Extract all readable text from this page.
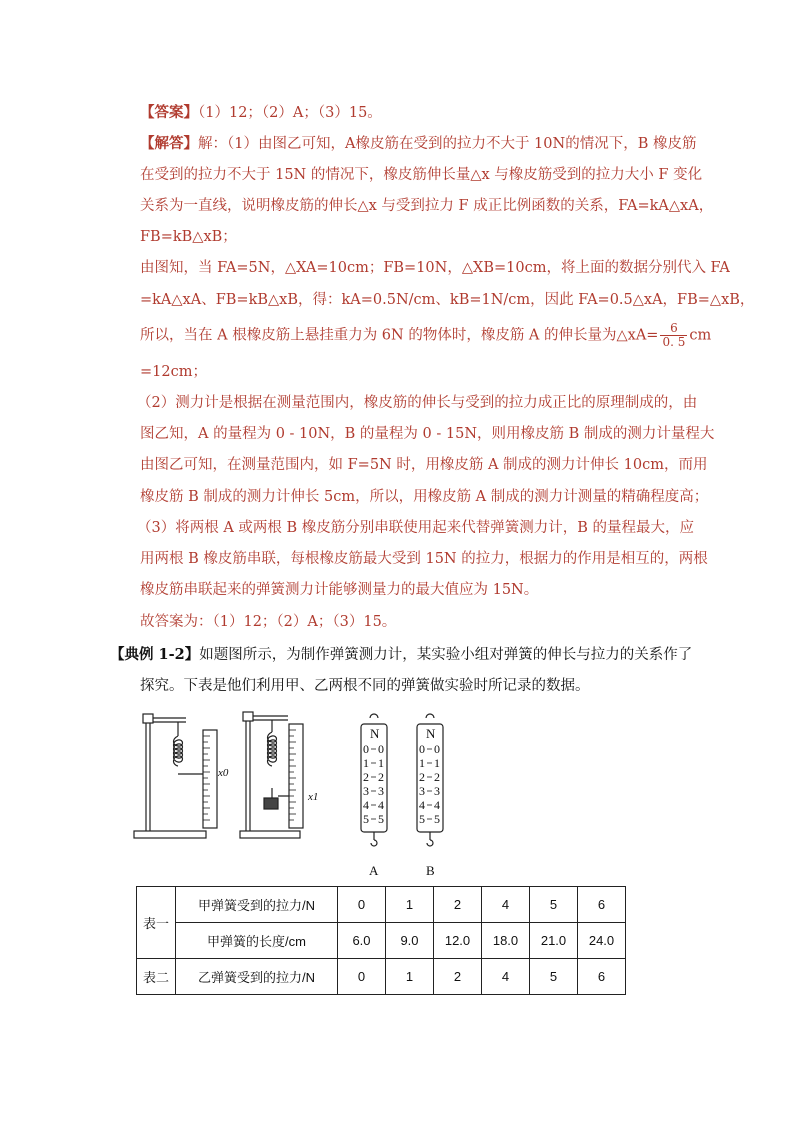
【答案】（1）12；（2）A；（3）15。
【解答】解：（1）由图乙可知，A橡皮筋在受到的拉力不大于 10N的情况下，B 橡皮筋
在受到的拉力不大于 15N 的情况下，橡皮筋伸长量△x 与橡皮筋受到的拉力大小 F 变化
关系为一直线，说明橡皮筋的伸长△x 与受到拉力 F 成正比例函数的关系，FA=kA△xA，
FB=kB△xB；
由图知，当 FA=5N，△XA=10cm；FB=10N，△XB=10cm，将上面的数据分别代入 FA
=kA△xA、FB=kB△xB，得：kA=0.5N/cm、kB=1N/cm，因此 FA=0.5△xA，FB=△xB，
所以，当在 A 根橡皮筋上悬挂重力为 6N 的物体时，橡皮筋 A 的伸长量为△xA= $\frac{6}{0. 5}$ cm
=12cm；
（2）测力计是根据在测量范围内，橡皮筋的伸长与受到的拉力成正比的原理制成的，由
图乙知，A 的量程为 0 - 10N，B 的量程为 0 - 15N，则用橡皮筋 B 制成的测力计量程大
由图乙可知，在测量范围内，如 F=5N 时，用橡皮筋 A 制成的测力计伸长 10cm，而用
橡皮筋 B 制成的测力计伸长 5cm，所以，用橡皮筋 A 制成的测力计测量的精确程度高；
（3）将两根 A 或两根 B 橡皮筋分别串联使用起来代替弹簧测力计，B 的量程最大，应
用两根 B 橡皮筋串联，每根橡皮筋最大受到 15N 的拉力，根据力的作用是相互的，两根
橡皮筋串联起来的弹簧测力计能够测量力的最大值应为 15N。
故答案为：（1）12；（2）A；（3）15。
【典例 1-2】如题图所示，为制作弹簧测力计，某实验小组对弹簧的伸长与拉力的关系作了
探究。下表是他们利用甲、乙两根不同的弹簧做实验时所记录的数据。
x0
x1
N	N
A	B
0 0
1 1
2 2
3 3
4 4
5 5
0 0
1 1
2 2
3 3
4 4
5 5
表一	甲弹簧受到的拉力/N	0	1	2	4	5	6
	甲弹簧的长度/cm	6.0	9.0	12.0	18.0	21.0	24.0
表二	乙弹簧受到的拉力/N	0	1	2	4	5	6
